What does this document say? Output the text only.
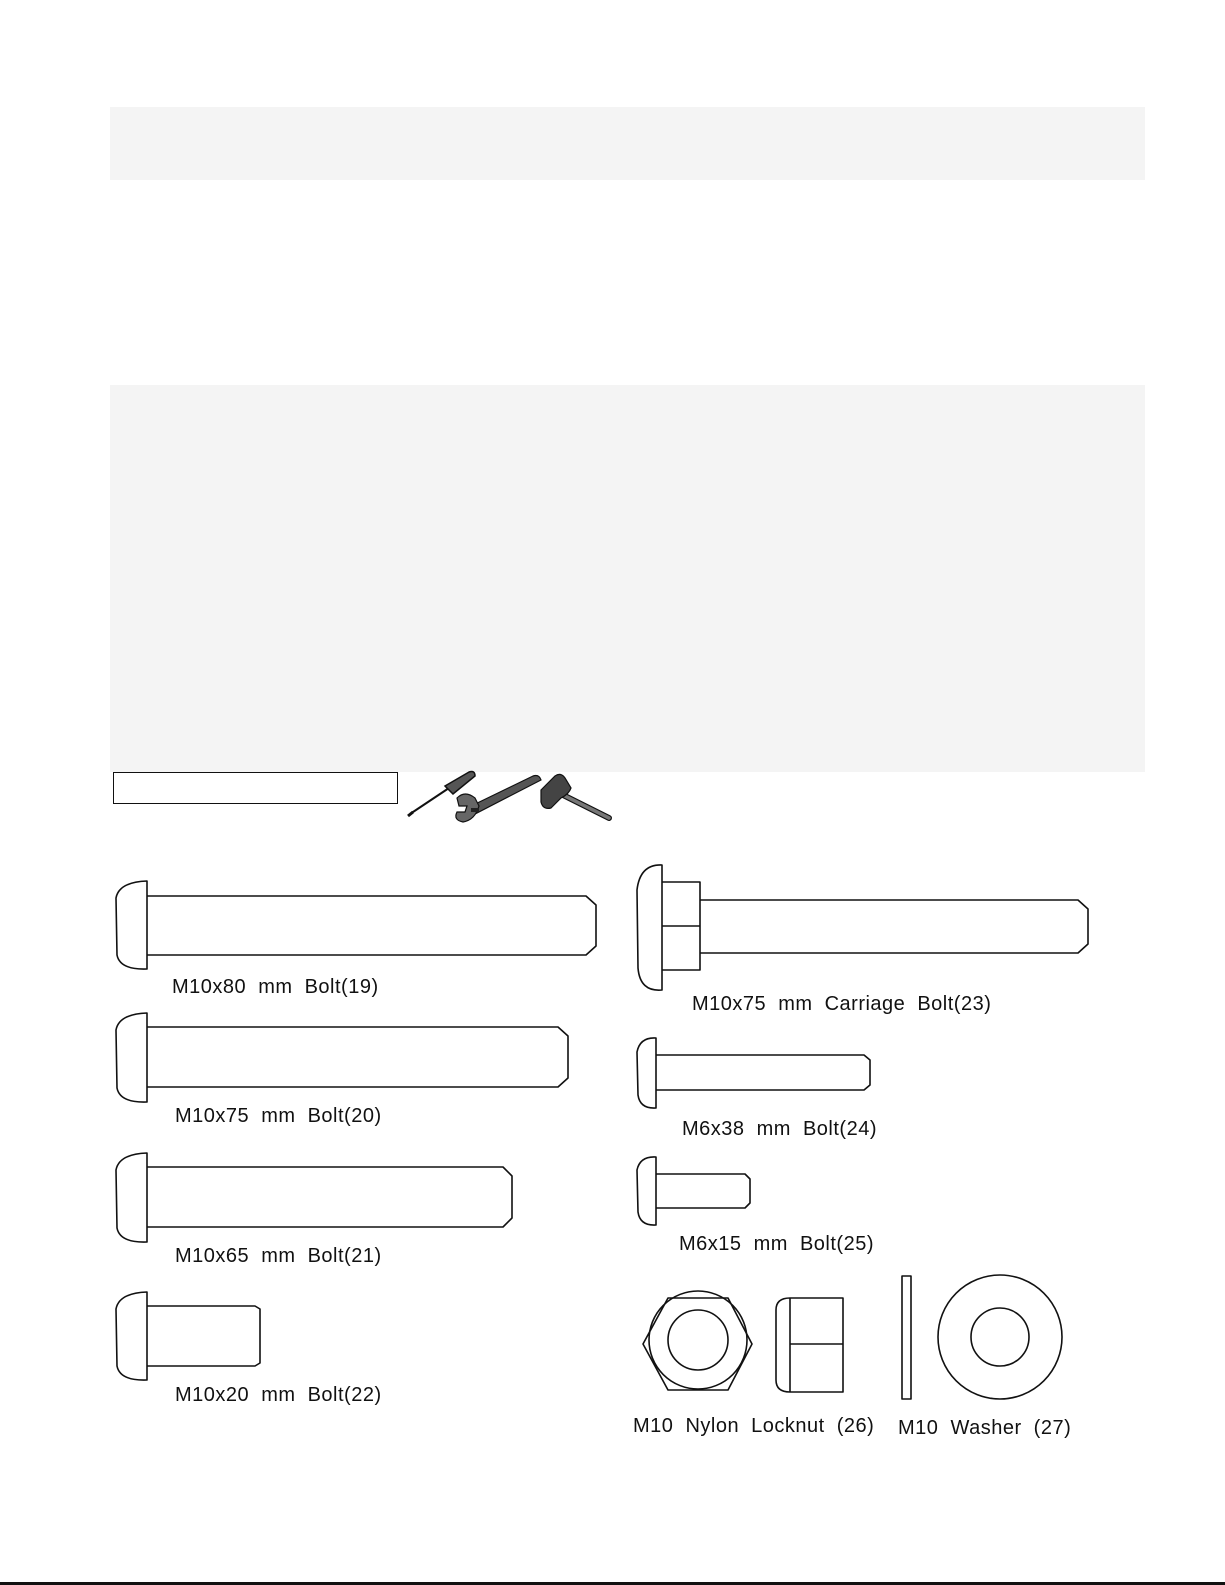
M10x80 mm Bolt(19)
M10x75 mm Bolt(20)
M10x65 mm Bolt(21)
M10x20 mm Bolt(22)
M10x75 mm Carriage Bolt(23)
M6x38 mm Bolt(24)
M6x15 mm Bolt(25)
M10 Nylon Locknut (26) M10 Washer (27)
